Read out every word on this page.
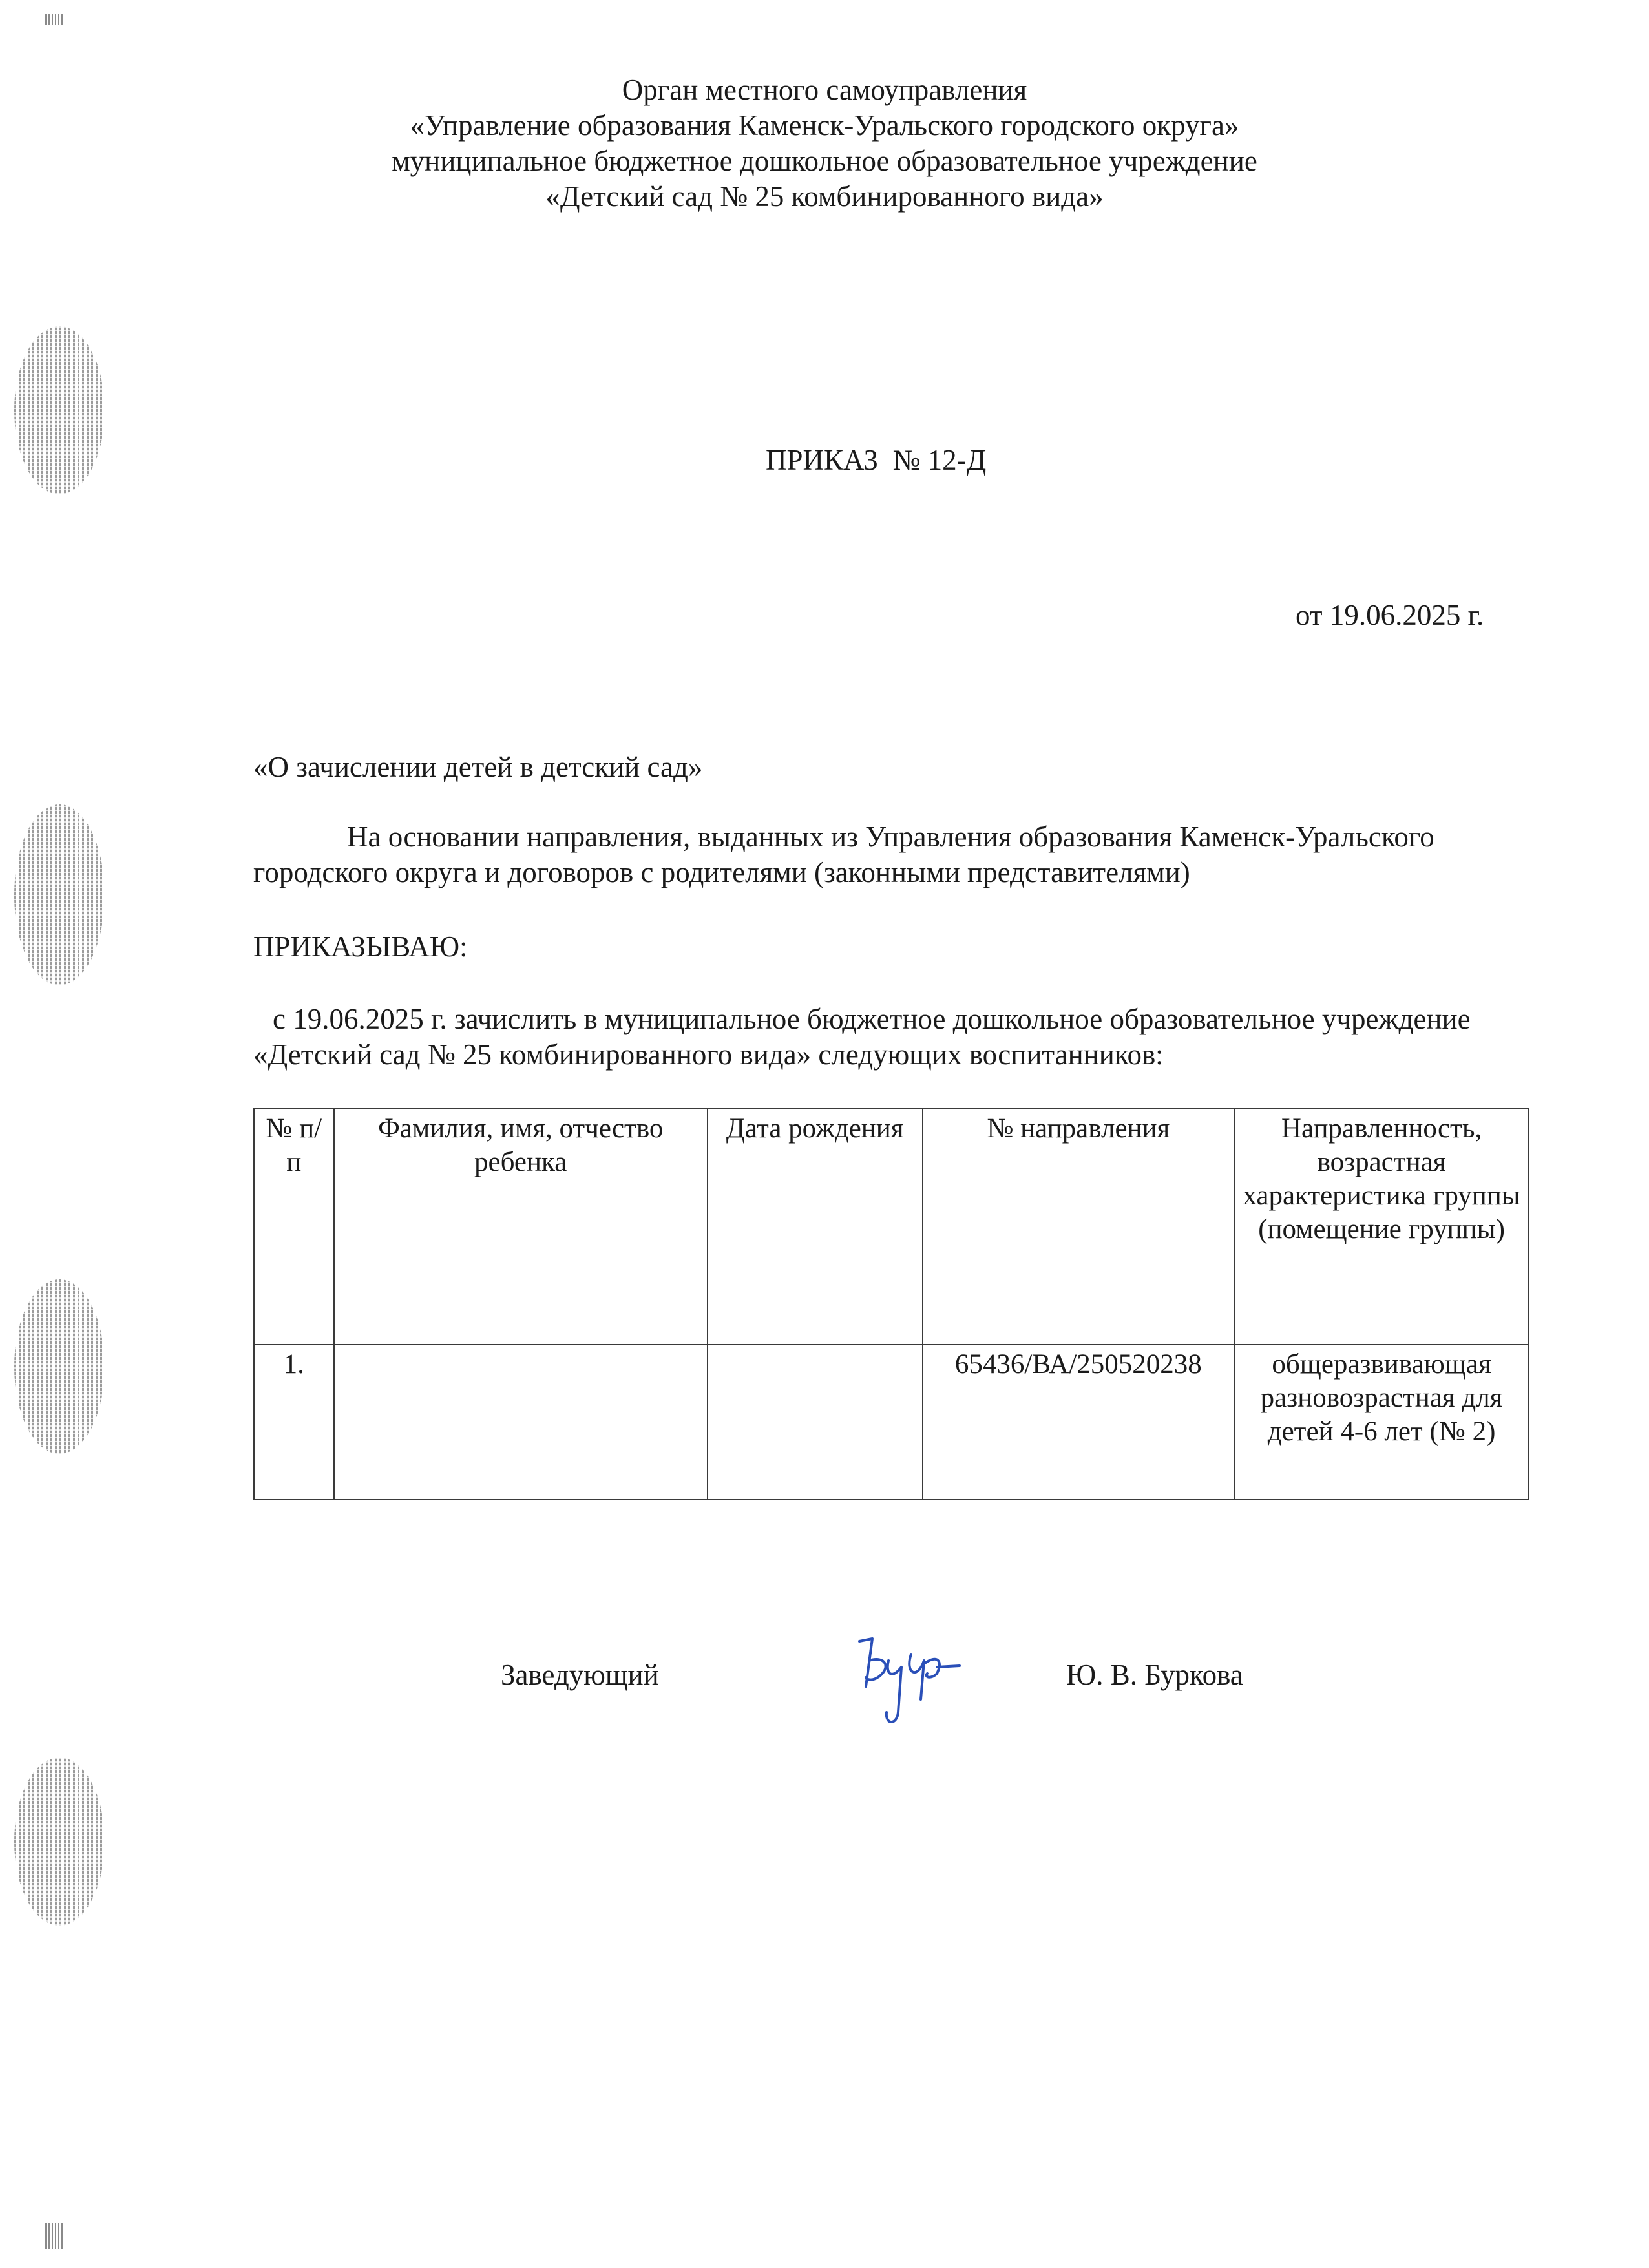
Орган местного самоуправления
«Управление образования Каменск-Уральского городского округа»
муниципальное бюджетное дошкольное образовательное учреждение
«Детский сад № 25 комбинированного вида»
ПРИКАЗ  № 12-Д
от 19.06.2025 г.
«О зачислении детей в детский сад»
На основании направления, выданных из Управления образования Каменск-Уральского городского округа и договоров с родителями (законными представителями)
ПРИКАЗЫВАЮ:
с 19.06.2025 г. зачислить в муниципальное бюджетное дошкольное образовательное учреждение «Детский сад № 25 комбинированного вида» следующих воспитанников:
№ п/п	Фамилия, имя, отчество ребенка	Дата рождения	№ направления	Направленность, возрастная характеристика группы (помещение группы)
1.			65436/ВА/250520238	общеразвивающая разновозрастная для детей 4-6 лет (№ 2)
Заведующий	Ю. В. Буркова
